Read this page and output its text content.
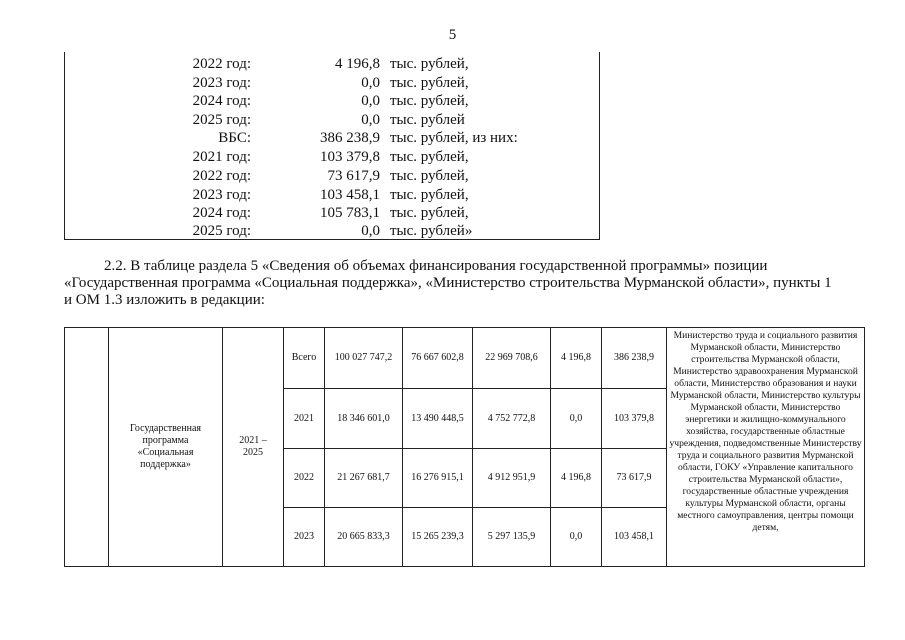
5
2022 год:	4 196,8 тыс. рублей,
2023 год:	0,0 тыс. рублей,
2024 год:	0,0 тыс. рублей,
2025 год:	0,0 тыс. рублей
ВБС:	386 238,9 тыс. рублей, из них:
2021 год:	103 379,8 тыс. рублей,
2022 год:	73 617,9 тыс. рублей,
2023 год:	103 458,1 тыс. рублей,
2024 год:	105 783,1 тыс. рублей,
2025 год:	0,0 тыс. рублей»
2.2. В таблице раздела 5 «Сведения об объемах финансирования государственной программы» позиции
«Государственная программа «Социальная поддержка», «Министерство строительства Мурманской области», пункты 1
и ОМ 1.3 изложить в редакции:
	Государственная программа «Социальная поддержка»	2021 – 2025	Всего	100 027 747,2	76 667 602,8	22 969 708,6	4 196,8	386 238,9	Министерство труда и социального развития Мурманской области, Министерство строительства Мурманской области, Министерство здравоохранения Мурманской области, Министерство образования и науки Мурманской области, Министерство культуры Мурманской области, Министерство энергетики и жилищно-коммунального хозяйства, государственные областные учреждения, подведомственные Министерству труда и социального развития Мурманской области, ГОКУ «Управление капитального строительства Мурманской области», государственные областные учреждения культуры Мурманской области, органы местного самоуправления, центры помощи детям,
			2021	18 346 601,0	13 490 448,5	4 752 772,8	0,0	103 379,8	
			2022	21 267 681,7	16 276 915,1	4 912 951,9	4 196,8	73 617,9	
			2023	20 665 833,3	15 265 239,3	5 297 135,9	0,0	103 458,1	
